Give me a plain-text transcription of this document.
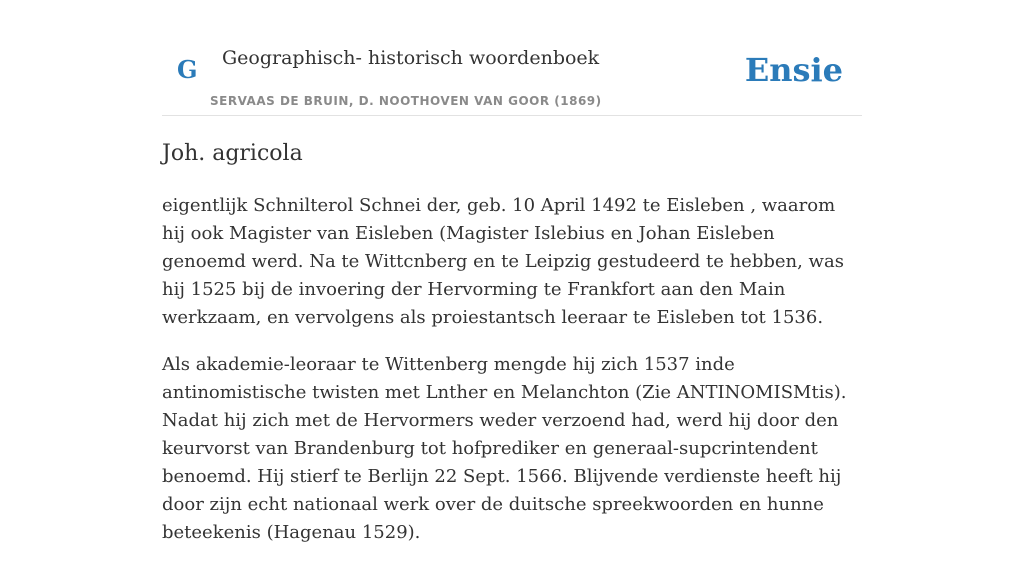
G Geographisch- historisch woordenboek
SERVAAS DE BRUIN, D. NOOTHOVEN VAN GOOR (1869)
Ensie
Joh. agricola

eigentlijk Schnilterol Schnei der, geb. 10 April 1492 te Eisleben , waarom hij ook Magister van Eisleben (Magister Islebius en Johan Eisleben genoemd werd. Na te Wittcnberg en te Leipzig gestudeerd te hebben, was hij 1525 bij de invoering der Hervorming te Frankfort aan den Main werkzaam, en vervolgens als proiestantsch leeraar te Eisleben tot 1536.

Als akademie-leoraar te Wittenberg mengde hij zich 1537 inde antinomistische twisten met Lnther en Melanchton (Zie ANTINOMISMtis). Nadat hij zich met de Hervormers weder verzoend had, werd hij door den keurvorst van Brandenburg tot hofprediker en generaal-supcrintendent benoemd. Hij stierf te Berlijn 22 Sept. 1566. Blijvende verdienste heeft hij door zijn echt nationaal werk over de duitsche spreekwoorden en hunne beteekenis (Hagenau 1529).
